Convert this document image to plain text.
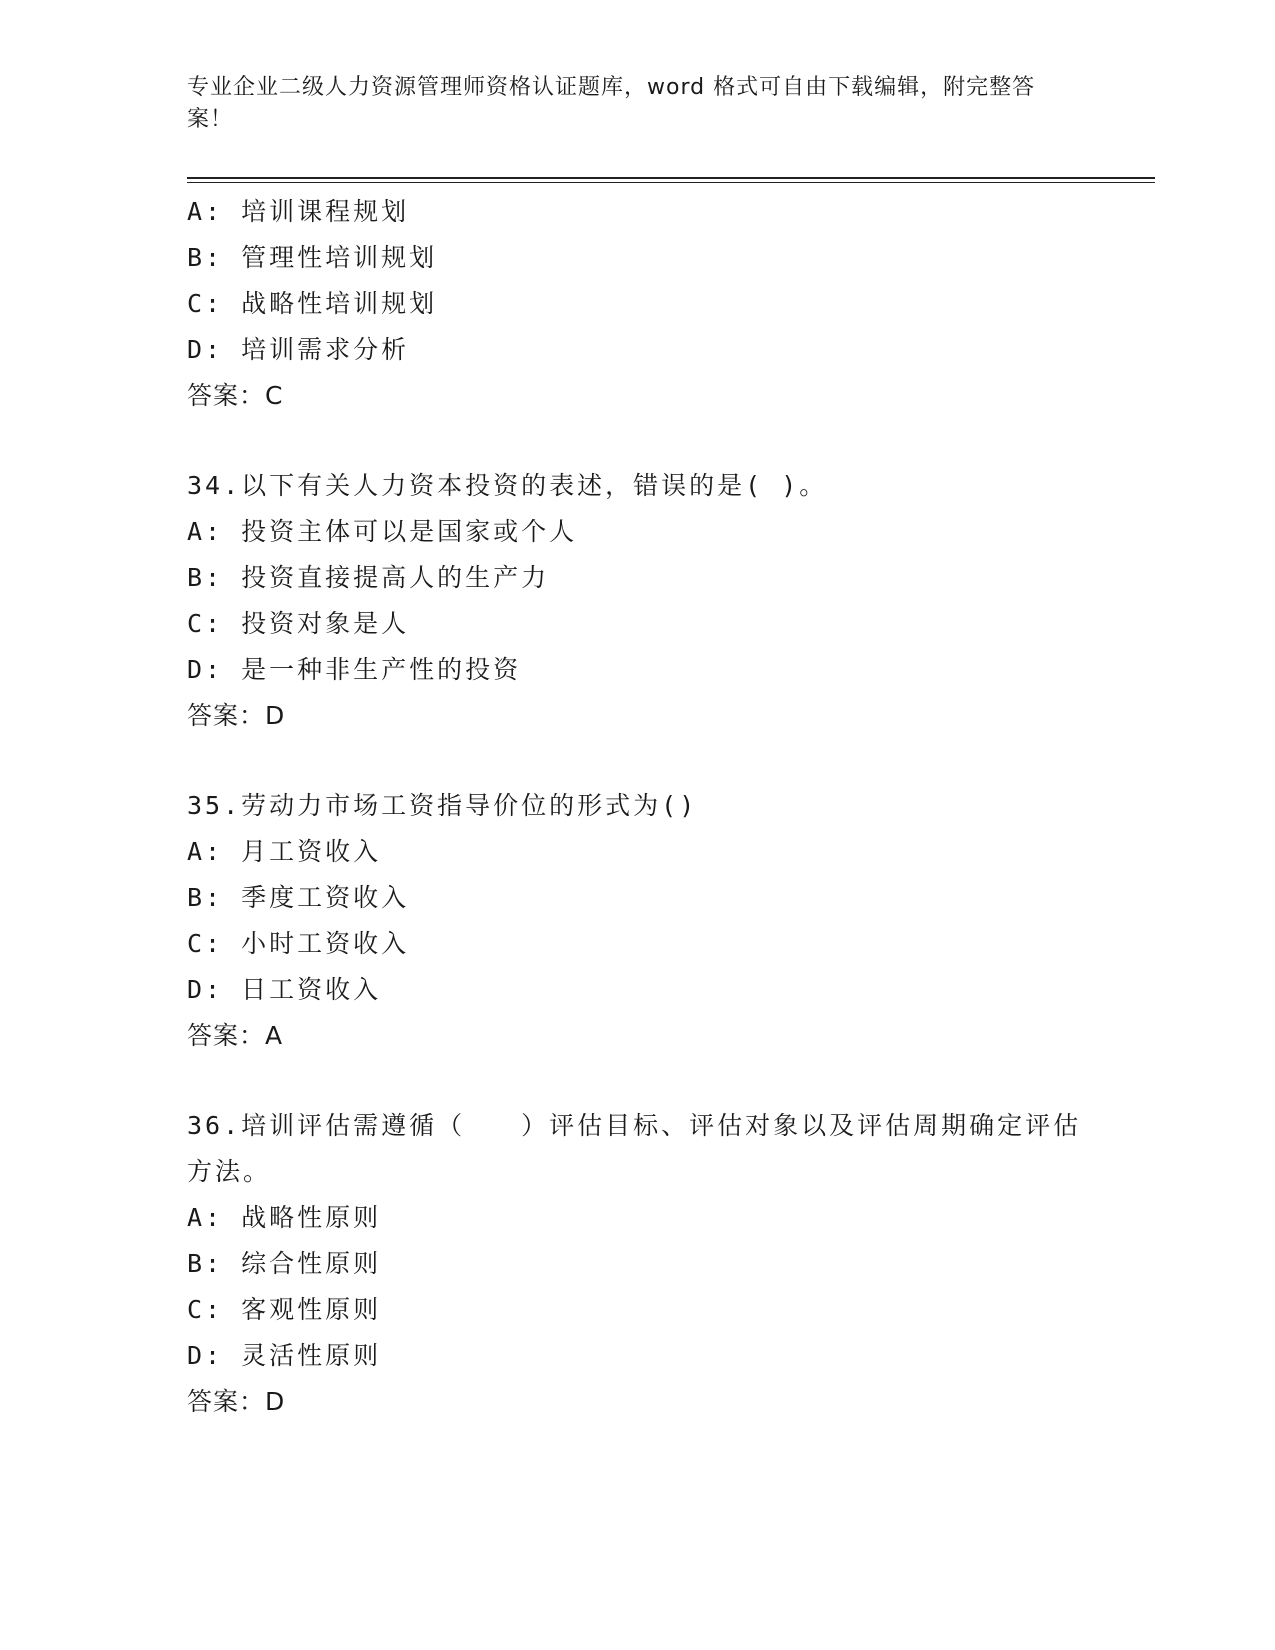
专业企业二级人力资源管理师资格认证题库，word 格式可自由下载编辑，附完整答案！
A: 培训课程规划
B: 管理性培训规划
C: 战略性培训规划
D: 培训需求分析
答案：C
34.以下有关人力资本投资的表述，错误的是( )。
A: 投资主体可以是国家或个人
B: 投资直接提高人的生产力
C: 投资对象是人
D: 是一种非生产性的投资
答案：D
35.劳动力市场工资指导价位的形式为()
A: 月工资收入
B: 季度工资收入
C: 小时工资收入
D: 日工资收入
答案：A
36.培训评估需遵循（　　）评估目标、评估对象以及评估周期确定评估方法。
A: 战略性原则
B: 综合性原则
C: 客观性原则
D: 灵活性原则
答案：D
